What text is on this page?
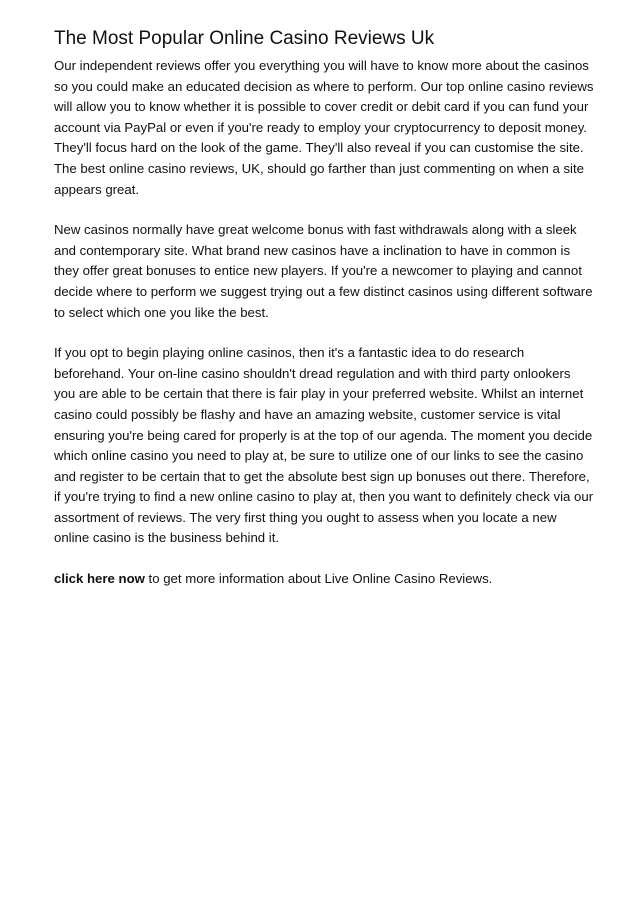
The Most Popular Online Casino Reviews Uk

Our independent reviews offer you everything you will have to know more about the casinos so you could make an educated decision as where to perform. Our top online casino reviews will allow you to know whether it is possible to cover credit or debit card if you can fund your account via PayPal or even if you're ready to employ your cryptocurrency to deposit money. They'll focus hard on the look of the game. They'll also reveal if you can customise the site. The best online casino reviews, UK, should go farther than just commenting on when a site appears great.

New casinos normally have great welcome bonus with fast withdrawals along with a sleek and contemporary site. What brand new casinos have a inclination to have in common is they offer great bonuses to entice new players. If you're a newcomer to playing and cannot decide where to perform we suggest trying out a few distinct casinos using different software to select which one you like the best.

If you opt to begin playing online casinos, then it's a fantastic idea to do research beforehand. Your on-line casino shouldn't dread regulation and with third party onlookers you are able to be certain that there is fair play in your preferred website. Whilst an internet casino could possibly be flashy and have an amazing website, customer service is vital ensuring you're being cared for properly is at the top of our agenda. The moment you decide which online casino you need to play at, be sure to utilize one of our links to see the casino and register to be certain that to get the absolute best sign up bonuses out there. Therefore, if you're trying to find a new online casino to play at, then you want to definitely check via our assortment of reviews. The very first thing you ought to assess when you locate a new online casino is the business behind it.

click here now to get more information about Live Online Casino Reviews.
